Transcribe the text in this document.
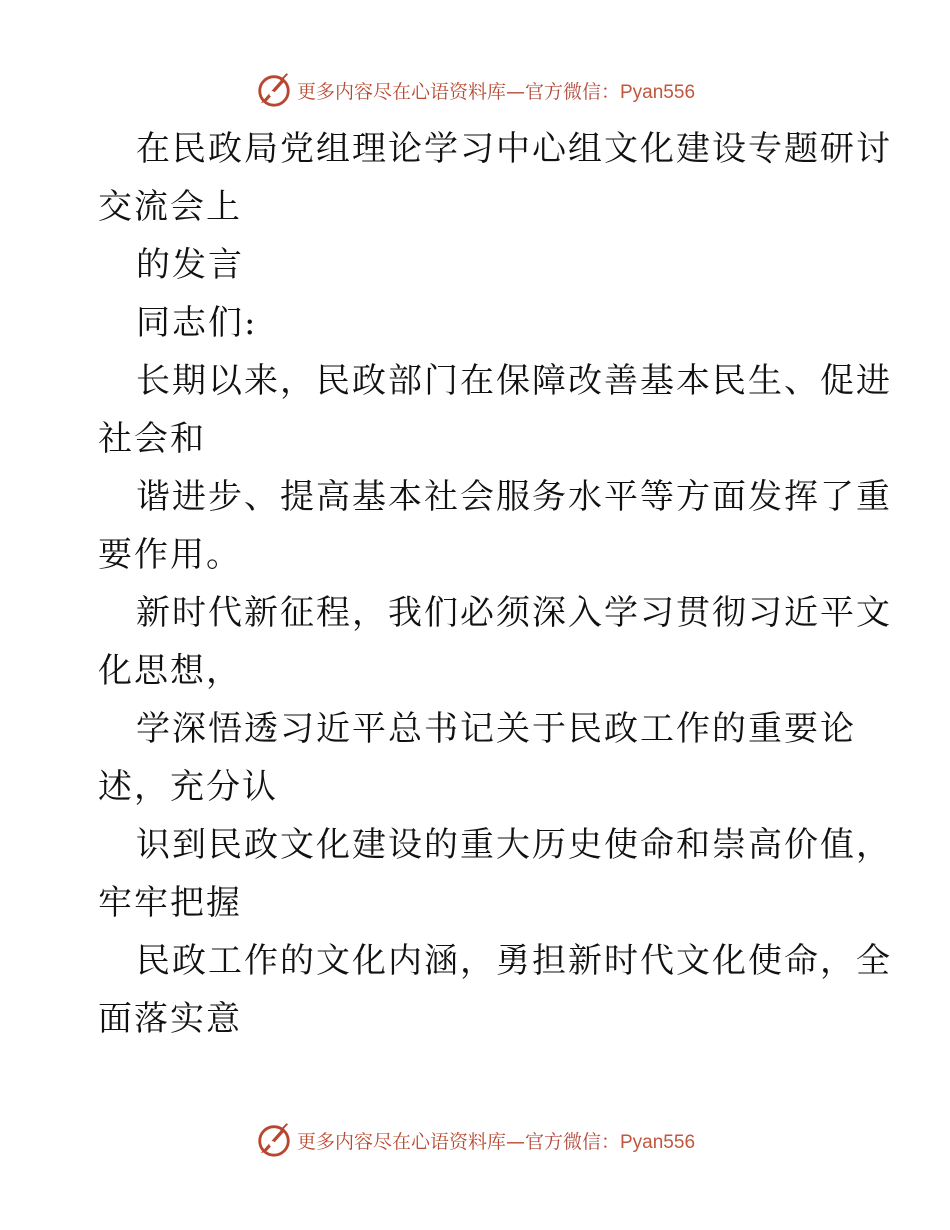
更多内容尽在心语资料库—官方微信：Pyan556
在民政局党组理论学习中心组文化建设专题研讨
交流会上
的发言
同志们:
长期以来，民政部门在保障改善基本民生、促进
社会和
谐进步、提高基本社会服务水平等方面发挥了重
要作用。
新时代新征程，我们必须深入学习贯彻习近平文
化思想，
学深悟透习近平总书记关于民政工作的重要论
述，充分认
识到民政文化建设的重大历史使命和崇高价值，
牢牢把握
民政工作的文化内涵，勇担新时代文化使命，全
面落实意
更多内容尽在心语资料库—官方微信：Pyan556
